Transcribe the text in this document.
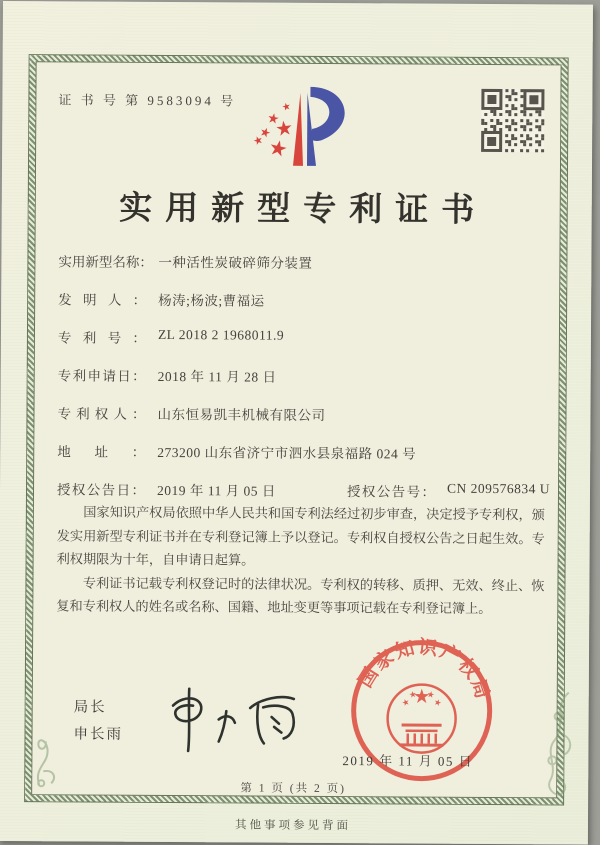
证 书 号 第 9583094 号
实用新型专利证书
实用新型名称： 一种活性炭破碎筛分装置
发明人： 杨涛;杨波;曹福运
专利号： ZL 2018 2 1968011.9
专利申请日： 2018 年 11 月 28 日
专利权人： 山东恒易凯丰机械有限公司
地址： 273200 山东省济宁市泗水县泉福路 024 号
授权公告日： 2019 年 11 月 05 日	授权公告号： CN 209576834 U

国家知识产权局依照中华人民共和国专利法经过初步审查，决定授予专利权，颁发实用新型专利证书并在专利登记簿上予以登记。专利权自授权公告之日起生效。专利权期限为十年，自申请日起算。

专利证书记载专利权登记时的法律状况。专利权的转移、质押、无效、终止、恢复和专利权人的姓名或名称、国籍、地址变更等事项记载在专利登记簿上。

局长
申长雨
国家知识产权局
2019 年 11 月 05 日
第 1 页 (共 2 页)
其他事项参见背面
